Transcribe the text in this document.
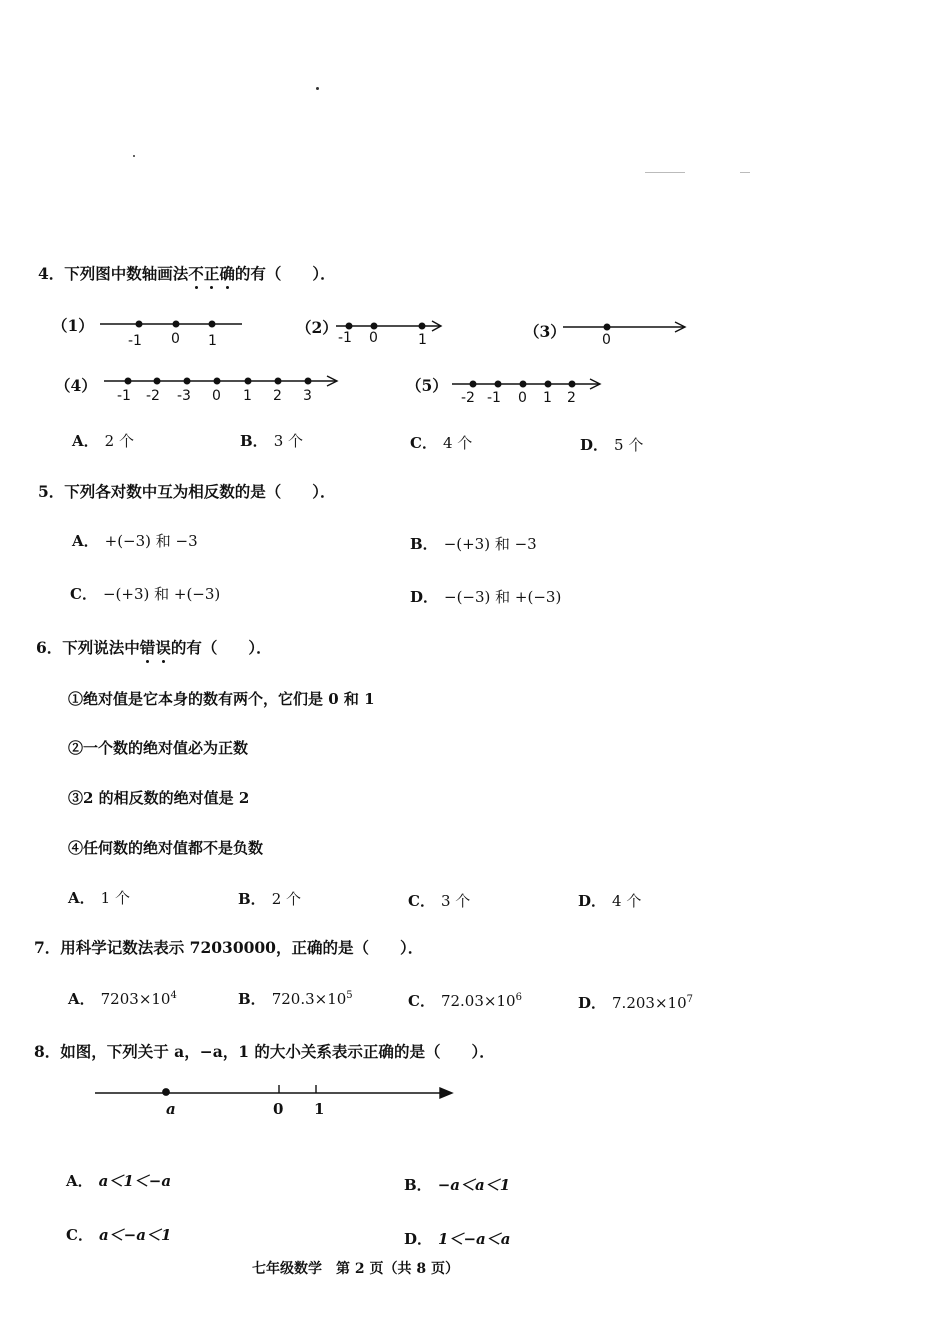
4．下列图中数轴画法不正确的有（　　）．
（1）	（2）	（3）
（4）	（5）
-1 0 1	-1 0	1	0
-1 -2 -3 0 1 2 3	-2 -1 0 1 2
A． 2 个	B． 3 个	C． 4 个	D． 5 个
5．下列各对数中互为相反数的是（　　）．
A． +(−3) 和 −3	B． −(+3) 和 −3
C． −(+3) 和 +(−3)	D． −(−3) 和 +(−3)
6．下列说法中错误的有（　　）．
①绝对值是它本身的数有两个，它们是 0 和 1
②一个数的绝对值必为正数
③2 的相反数的绝对值是 2
④任何数的绝对值都不是负数
A． 1 个	B． 2 个	C． 3 个	D． 4 个
7．用科学记数法表示 72030000，正确的是（　　）．
A． $7203\times 10^4$	B． $720.3\times 10^5$	C． $72.03\times 10^6$	D． $7.203\times 10^7$
8．如图，下列关于 a，−a，1 的大小关系表示正确的是（　　）．
a	0 1
A． a＜1＜−a	B． −a＜a＜1
C． a＜−a＜1	D． 1＜−a＜a
七年级数学　第 2 页（共 8 页）
